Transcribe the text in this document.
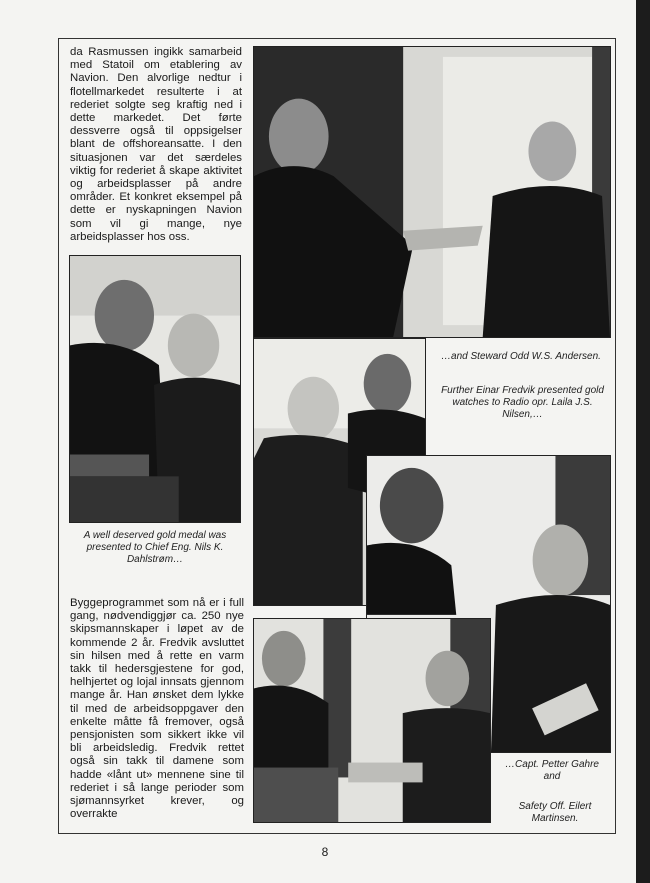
da Rasmussen ingikk samarbeid med Statoil om etablering av Navion. Den alvorlige nedtur i flotellmarkedet resulterte i at rederiet solgte seg kraftig ned i dette markedet. Det førte dessverre også til oppsigelser blant de offshoreansatte. I den situasjonen var det særdeles viktig for rederiet å skape aktivitet og arbeidsplasser på andre områder. Et konkret eksempel på dette er nyskapningen Navion som vil gi mange, nye arbeidsplasser hos oss.

A well deserved gold medal was presented to Chief Eng. Nils K. Dahlstrøm…
…and Steward Odd W.S. Andersen.
Further Einar Fredvik presented gold watches to Radio opr. Laila J.S. Nilsen,…

Byggeprogrammet som nå er i full gang, nødvendiggjør ca. 250 nye skipsmannskaper i løpet av de kommende 2 år. Fredvik avsluttet sin hilsen med å rette en varm takk til hedersgjestene for god, helhjertet og lojal innsats gjennom mange år. Han ønsket dem lykke til med de arbeidsoppgaver den enkelte måtte få fremover, også pensjonisten som sikkert ikke vil bli arbeidsledig. Fredvik rettet også sin takk til damene som hadde «lånt ut» mennene sine til rederiet i så lange perioder som sjømannsyrket krever, og overrakte

…Capt. Petter Gahre
and
Safety Off. Eilert Martinsen.
8
